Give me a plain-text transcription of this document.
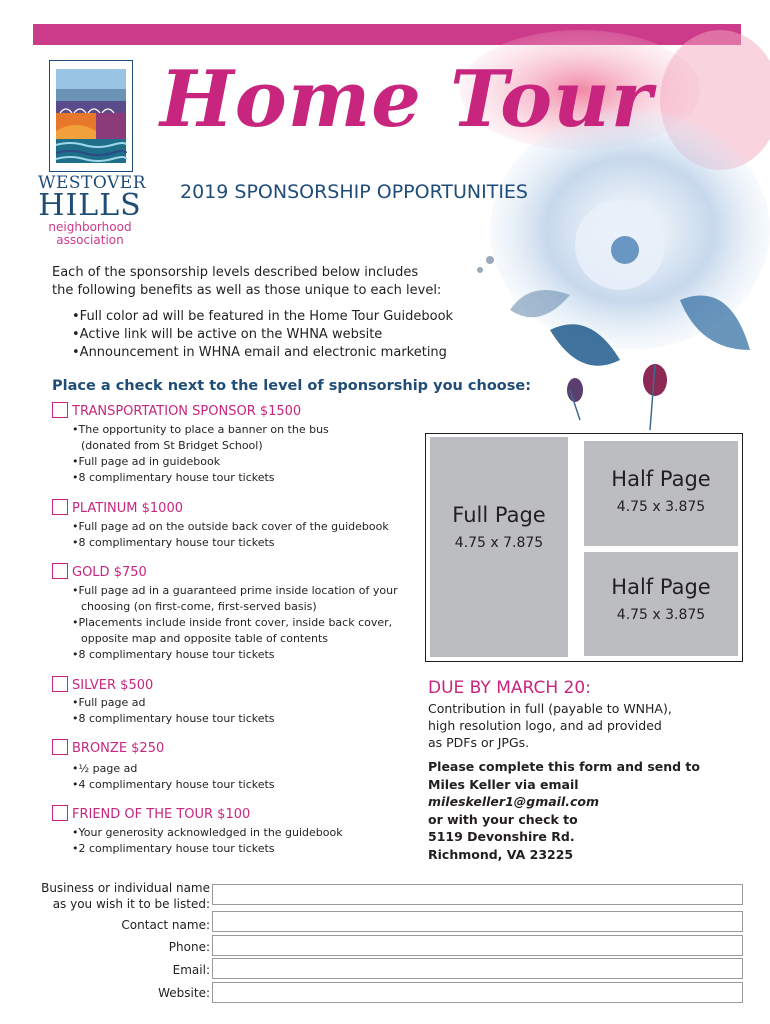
WESTOVER
HILLS
neighborhood
association
Home Tour
2019 SPONSORSHIP OPPORTUNITIES
Each of the sponsorship levels described below includes
the following benefits as well as those unique to each level:
• Full color ad will be featured in the Home Tour Guidebook
• Active link will be active on the WHNA website
• Announcement in WHNA email and electronic marketing
Place a check next to the level of sponsorship you choose:
TRANSPORTATION SPONSOR $1500
• The opportunity to place a banner on the bus
(donated from St Bridget School)
• Full page ad in guidebook
• 8 complimentary house tour tickets
PLATINUM $1000
• Full page ad on the outside back cover of the guidebook
• 8 complimentary house tour tickets
GOLD $750
• Full page ad in a guaranteed prime inside location of your
choosing (on first-come, first-served basis)
• Placements include inside front cover, inside back cover,
opposite map and opposite table of contents
• 8 complimentary house tour tickets
SILVER $500
• Full page ad
• 8 complimentary house tour tickets
BRONZE $250
• ½ page ad
• 4 complimentary house tour tickets
FRIEND OF THE TOUR $100
• Your generosity acknowledged in the guidebook
• 2 complimentary house tour tickets
Full Page
4.75 x 7.875
Half Page
4.75 x 3.875
Half Page
4.75 x 3.875
DUE BY MARCH 20:
Contribution in full (payable to WNHA),
high resolution logo, and ad provided
as PDFs or JPGs.
Please complete this form and send to
Miles Keller via email
mileskeller1@gmail.com
or with your check to
5119 Devonshire Rd.
Richmond, VA 23225
Business or individual name
as you wish it to be listed:
Contact name:
Phone:
Email:
Website:
